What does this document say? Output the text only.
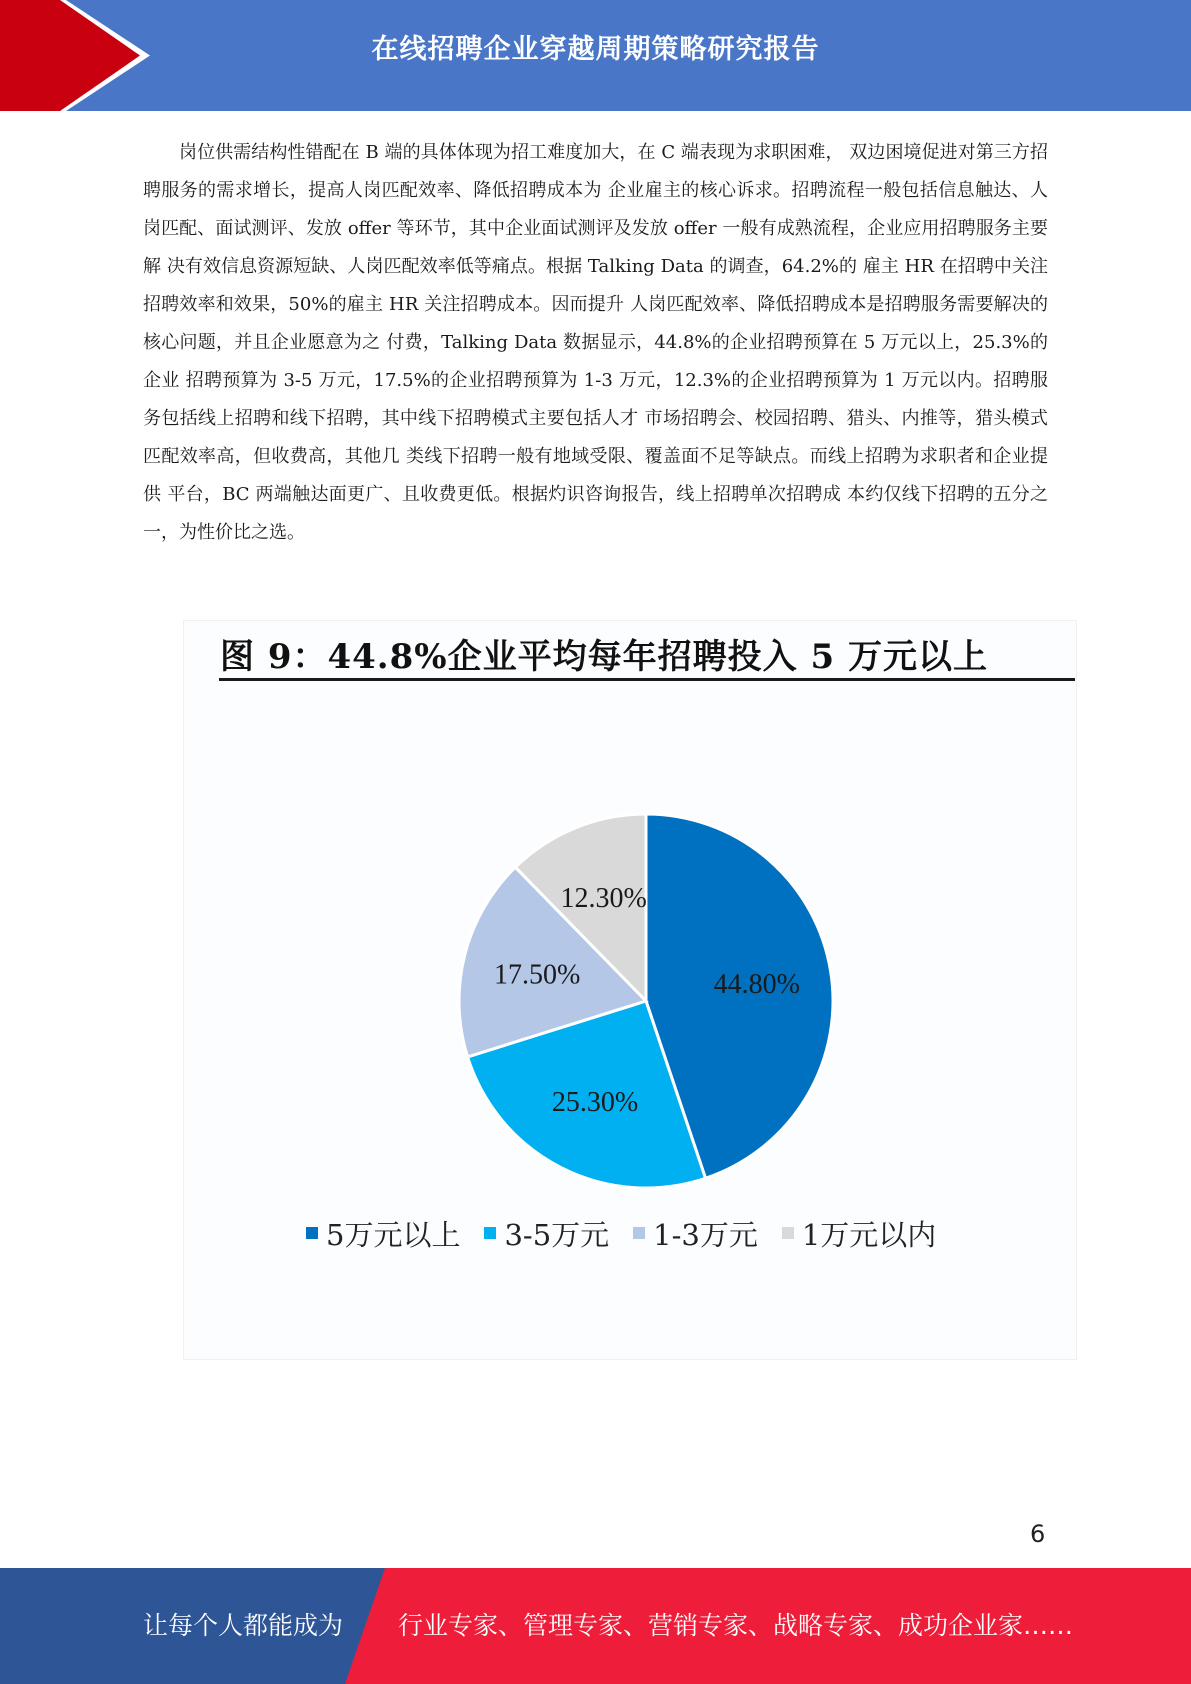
在线招聘企业穿越周期策略研究报告

岗位供需结构性错配在 B 端的具体体现为招工难度加大，在 C 端表现为求职困难， 双边困境促进对第三方招聘服务的需求增长，提高人岗匹配效率、降低招聘成本为 企业雇主的核心诉求。招聘流程一般包括信息触达、人岗匹配、面试测评、发放 offer 等环节，其中企业面试测评及发放 offer 一般有成熟流程，企业应用招聘服务主要解 决有效信息资源短缺、人岗匹配效率低等痛点。根据 Talking Data 的调查，64.2%的 雇主 HR 在招聘中关注招聘效率和效果，50%的雇主 HR 关注招聘成本。因而提升 人岗匹配效率、降低招聘成本是招聘服务需要解决的核心问题，并且企业愿意为之 付费，Talking Data 数据显示，44.8%的企业招聘预算在 5 万元以上，25.3%的企业 招聘预算为 3-5 万元，17.5%的企业招聘预算为 1-3 万元，12.3%的企业招聘预算为 1 万元以内。招聘服务包括线上招聘和线下招聘，其中线下招聘模式主要包括人才 市场招聘会、校园招聘、猎头、内推等，猎头模式匹配效率高，但收费高，其他几 类线下招聘一般有地域受限、覆盖面不足等缺点。而线上招聘为求职者和企业提供 平台，BC 两端触达面更广、且收费更低。根据灼识咨询报告，线上招聘单次招聘成 本约仅线下招聘的五分之一，为性价比之选。

图 9：44.8%企业平均每年招聘投入 5 万元以上
44.80%
25.30%
17.50%
12.30%
5万元以上 3-5万元 1-3万元 1万元以内
6
让每个人都能成为 行业专家、管理专家、营销专家、战略专家、成功企业家……
